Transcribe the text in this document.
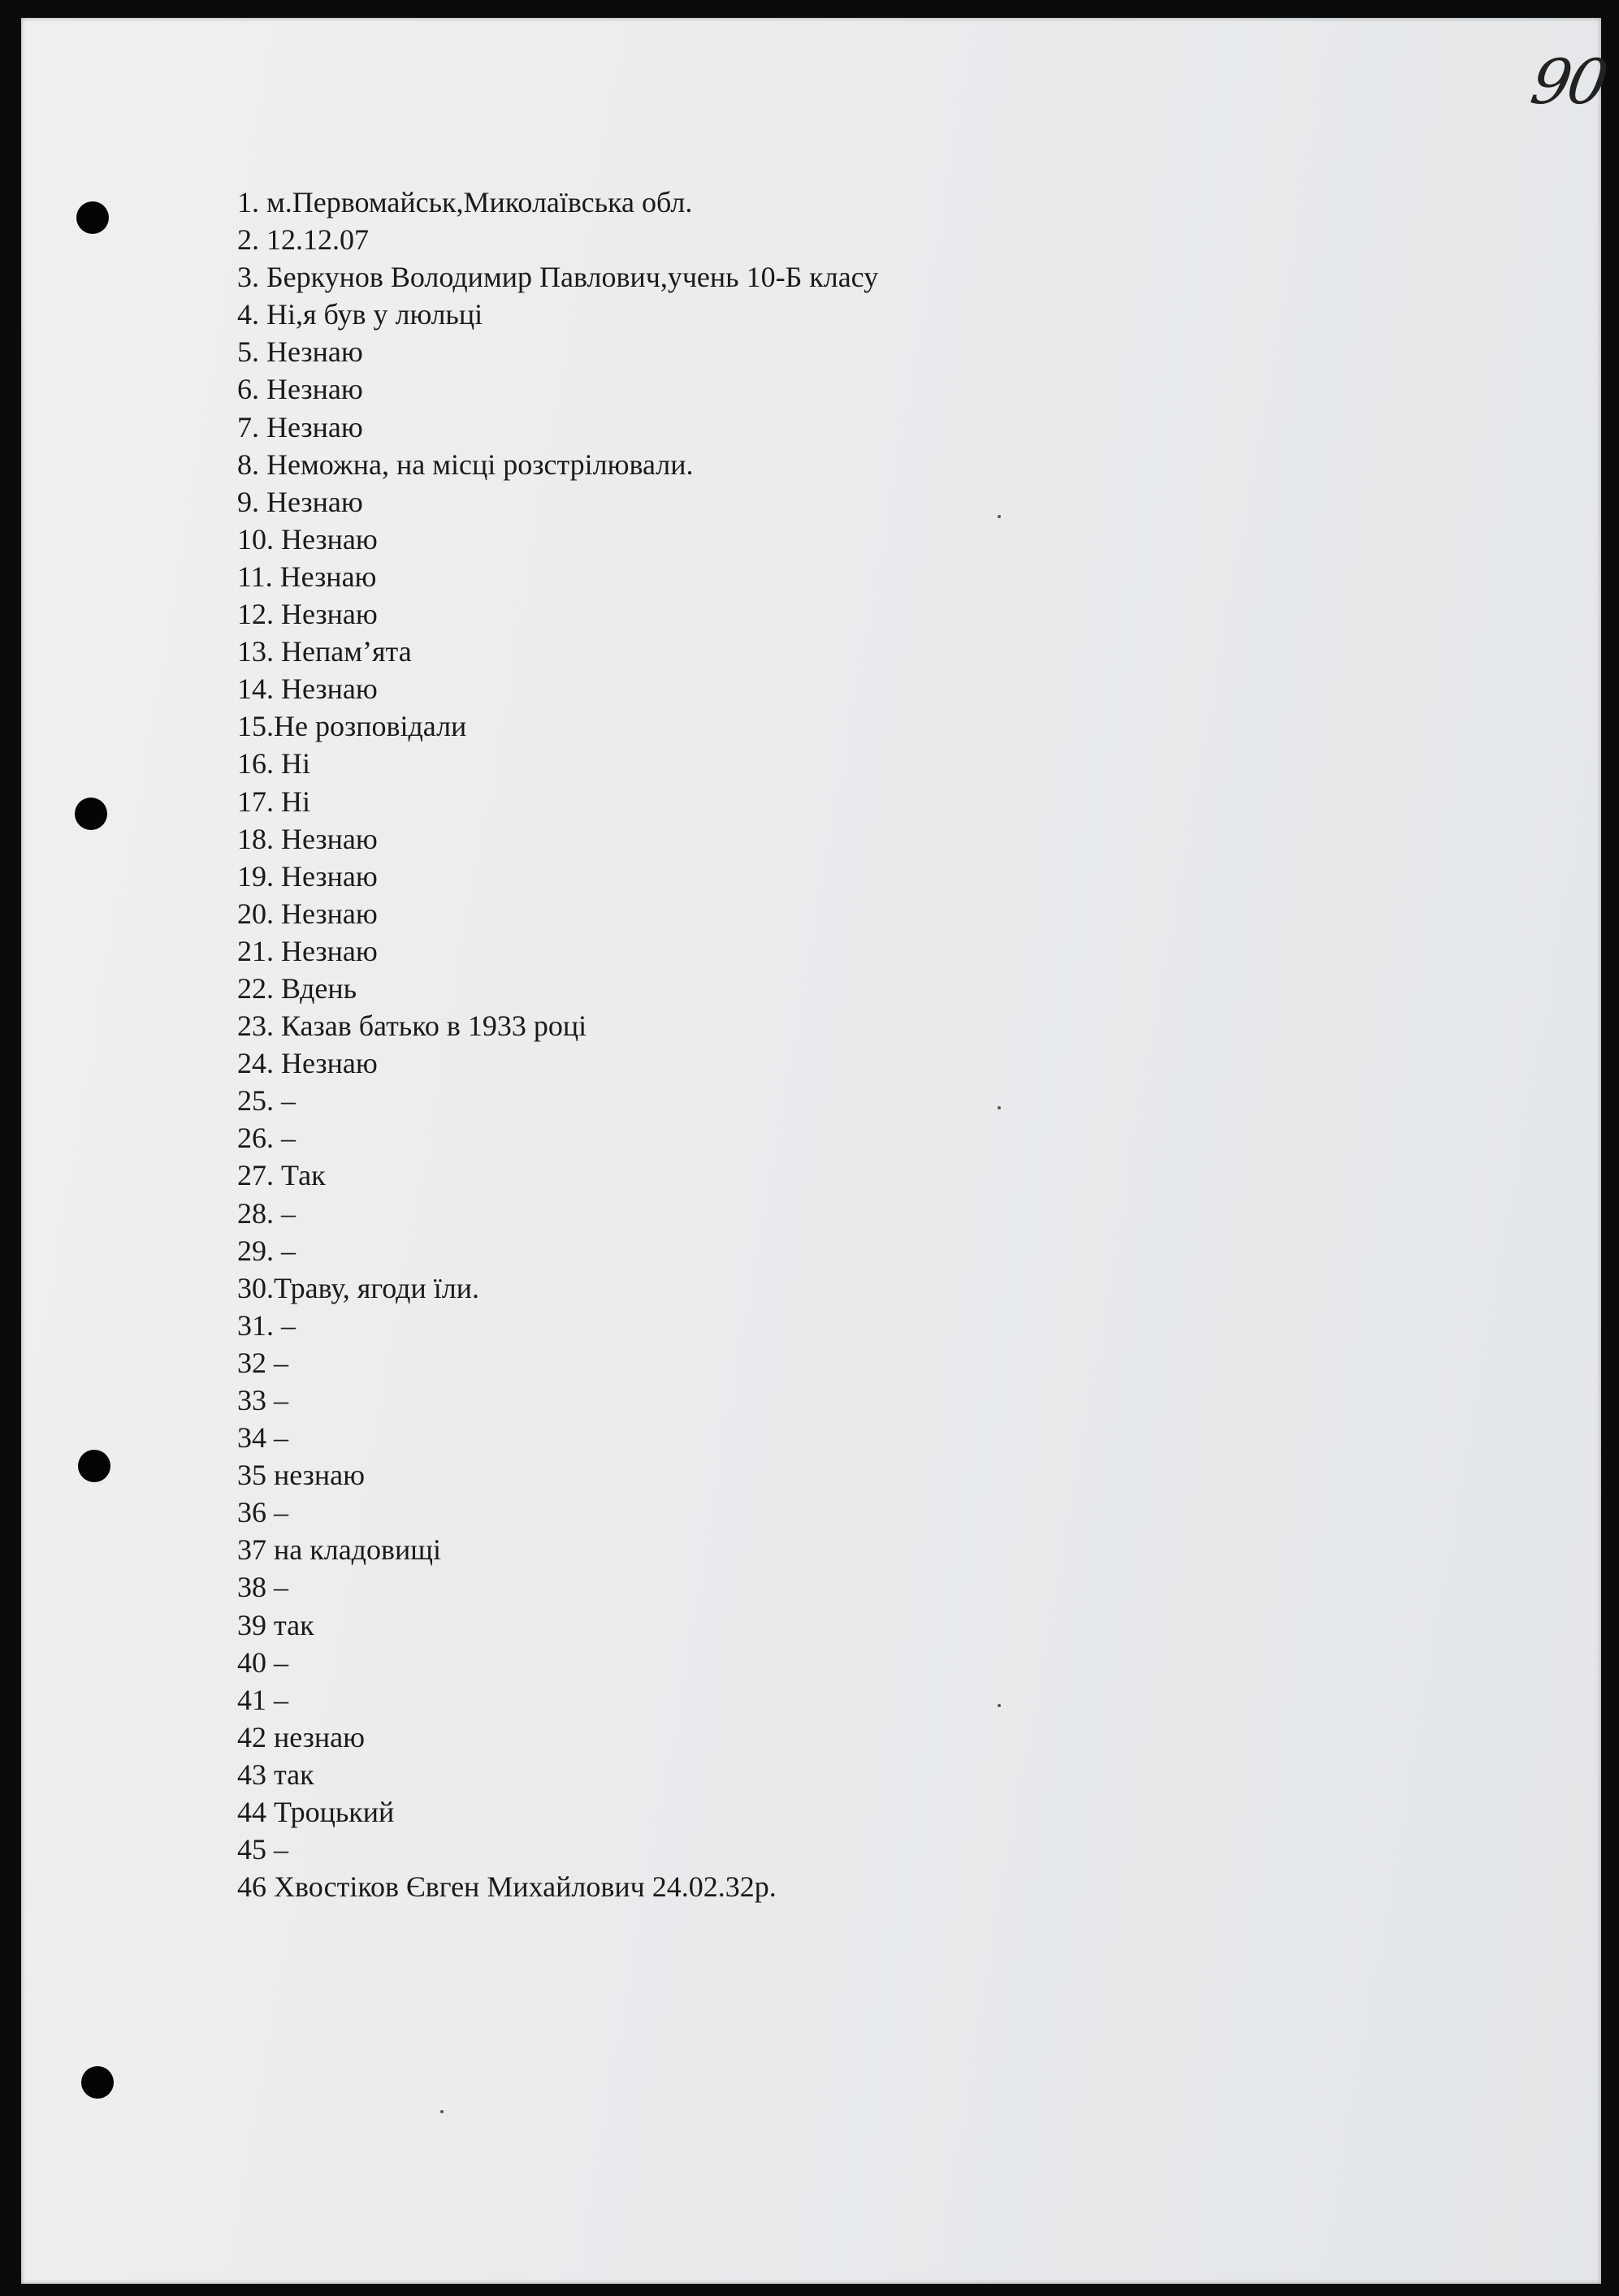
90
1. м.Первомайськ,Миколаївська обл.
2. 12.12.07
3. Беркунов Володимир Павлович,учень 10-Б класу
4. Ні,я був у люльці
5. Незнаю
6. Незнаю
7. Незнаю
8. Неможна, на місці розстрілювали.
9. Незнаю
10. Незнаю
11. Незнаю
12. Незнаю
13. Непам’ята
14. Незнаю
15.Не розповідали
16. Ні
17. Ні
18. Незнаю
19. Незнаю
20. Незнаю
21. Незнаю
22. Вдень
23. Казав батько в 1933 році
24. Незнаю
25. –
26. –
27. Так
28. –
29. –
30.Траву, ягоди їли.
31. –
32 –
33 –
34 –
35 незнаю
36 –
37 на кладовищі
38 –
39 так
40 –
41 –
42 незнаю
43 так
44 Троцький
45 –
46 Хвостіков Євген Михайлович 24.02.32р.
